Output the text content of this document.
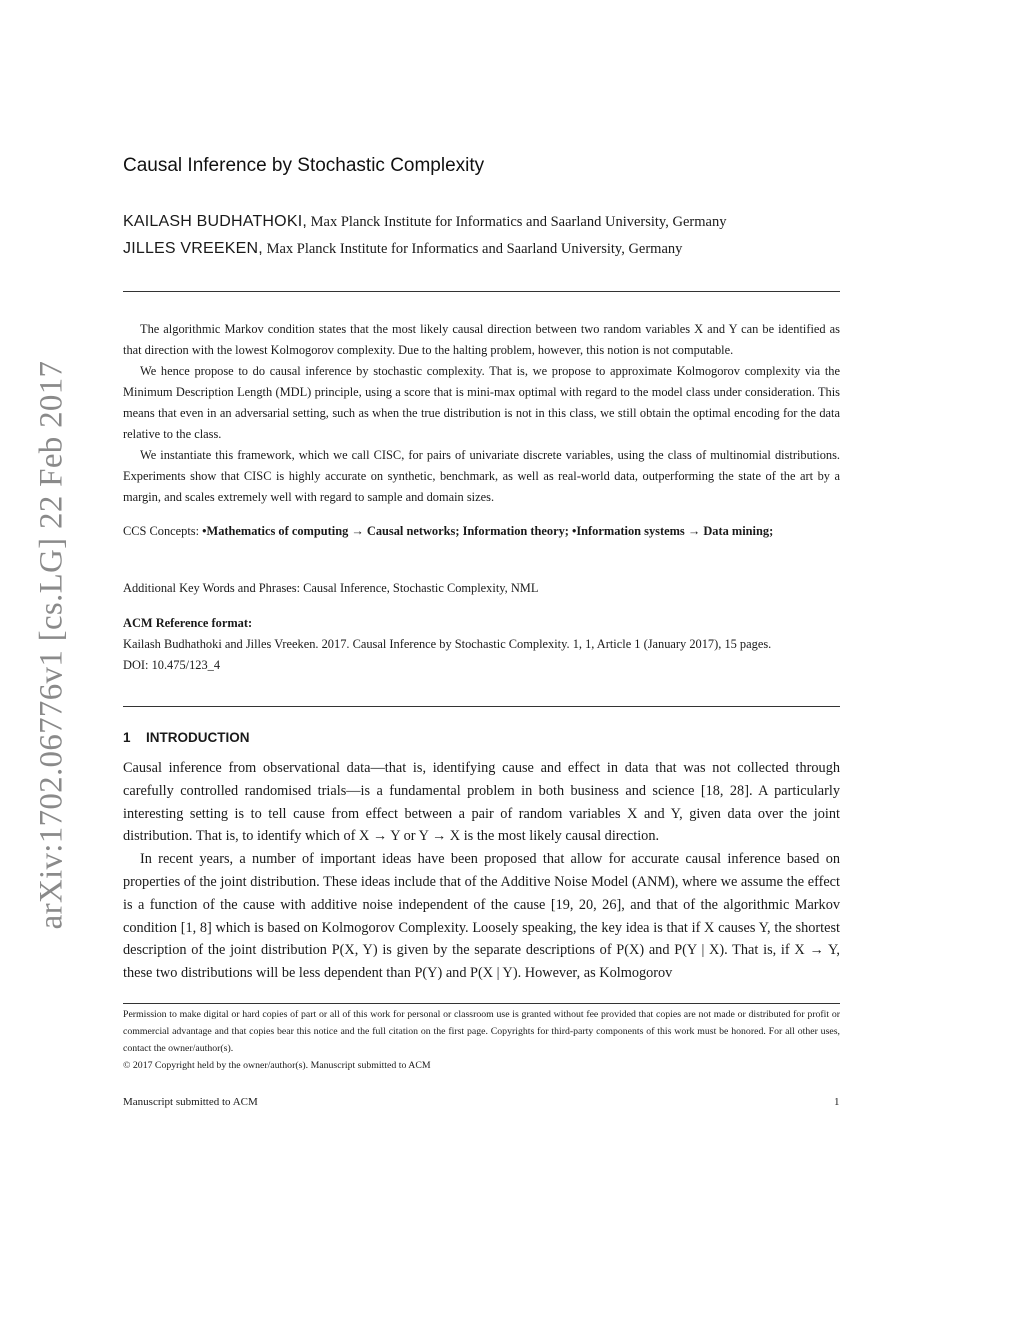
arXiv:1702.06776v1 [cs.LG] 22 Feb 2017
Causal Inference by Stochastic Complexity
KAILASH BUDHATHOKI, Max Planck Institute for Informatics and Saarland University, Germany
JILLES VREEKEN, Max Planck Institute for Informatics and Saarland University, Germany

The algorithmic Markov condition states that the most likely causal direction between two random variables X and Y can be identified as that direction with the lowest Kolmogorov complexity. Due to the halting problem, however, this notion is not computable.

We hence propose to do causal inference by stochastic complexity. That is, we propose to approximate Kolmogorov complexity via the Minimum Description Length (MDL) principle, using a score that is mini-max optimal with regard to the model class under consideration. This means that even in an adversarial setting, such as when the true distribution is not in this class, we still obtain the optimal encoding for the data relative to the class.

We instantiate this framework, which we call CISC, for pairs of univariate discrete variables, using the class of multinomial distributions. Experiments show that CISC is highly accurate on synthetic, benchmark, as well as real-world data, outperforming the state of the art by a margin, and scales extremely well with regard to sample and domain sizes.

CCS Concepts: •Mathematics of computing → Causal networks; Information theory; •Information systems → Data mining;

Additional Key Words and Phrases: Causal Inference, Stochastic Complexity, NML

ACM Reference format:

Kailash Budhathoki and Jilles Vreeken. 2017. Causal Inference by Stochastic Complexity. 1, 1, Article 1 (January 2017), 15 pages.

DOI: 10.475/123_4

1 INTRODUCTION

Causal inference from observational data—that is, identifying cause and effect in data that was not collected through carefully controlled randomised trials—is a fundamental problem in both business and science [18, 28]. A particularly interesting setting is to tell cause from effect between a pair of random variables X and Y, given data over the joint distribution. That is, to identify which of X → Y or Y → X is the most likely causal direction.

In recent years, a number of important ideas have been proposed that allow for accurate causal inference based on properties of the joint distribution. These ideas include that of the Additive Noise Model (ANM), where we assume the effect is a function of the cause with additive noise independent of the cause [19, 20, 26], and that of the algorithmic Markov condition [1, 8] which is based on Kolmogorov Complexity. Loosely speaking, the key idea is that if X causes Y, the shortest description of the joint distribution P(X, Y) is given by the separate descriptions of P(X) and P(Y | X). That is, if X → Y, these two distributions will be less dependent than P(Y) and P(X | Y). However, as Kolmogorov

Permission to make digital or hard copies of part or all of this work for personal or classroom use is granted without fee provided that copies are not made or distributed for profit or commercial advantage and that copies bear this notice and the full citation on the first page. Copyrights for third-party components of this work must be honored. For all other uses, contact the owner/author(s).

© 2017 Copyright held by the owner/author(s). Manuscript submitted to ACM

Manuscript submitted to ACM	1
